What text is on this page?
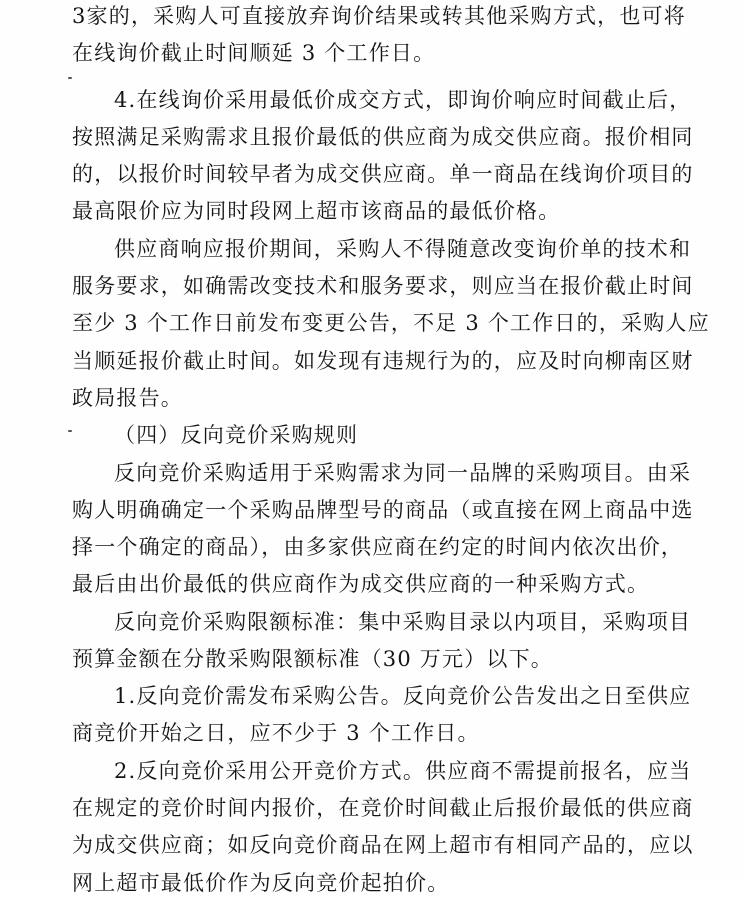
3家的，采购人可直接放弃询价结果或转其他采购方式，也可将
在线询价截止时间顺延 3 个工作日。
4.在线询价采用最低价成交方式，即询价响应时间截止后，
按照满足采购需求且报价最低的供应商为成交供应商。报价相同
的，以报价时间较早者为成交供应商。单一商品在线询价项目的
最高限价应为同时段网上超市该商品的最低价格。
供应商响应报价期间，采购人不得随意改变询价单的技术和
服务要求，如确需改变技术和服务要求，则应当在报价截止时间
至少 3 个工作日前发布变更公告，不足 3 个工作日的，采购人应
当顺延报价截止时间。如发现有违规行为的，应及时向柳南区财
政局报告。
（四）反向竞价采购规则
反向竞价采购适用于采购需求为同一品牌的采购项目。由采
购人明确确定一个采购品牌型号的商品（或直接在网上商品中选
择一个确定的商品），由多家供应商在约定的时间内依次出价，
最后由出价最低的供应商作为成交供应商的一种采购方式。
反向竞价采购限额标准：集中采购目录以内项目，采购项目
预算金额在分散采购限额标准（30 万元）以下。
1.反向竞价需发布采购公告。反向竞价公告发出之日至供应
商竞价开始之日，应不少于 3 个工作日。
2.反向竞价采用公开竞价方式。供应商不需提前报名，应当
在规定的竞价时间内报价，在竞价时间截止后报价最低的供应商
为成交供应商；如反向竞价商品在网上超市有相同产品的，应以
网上超市最低价作为反向竞价起拍价。
